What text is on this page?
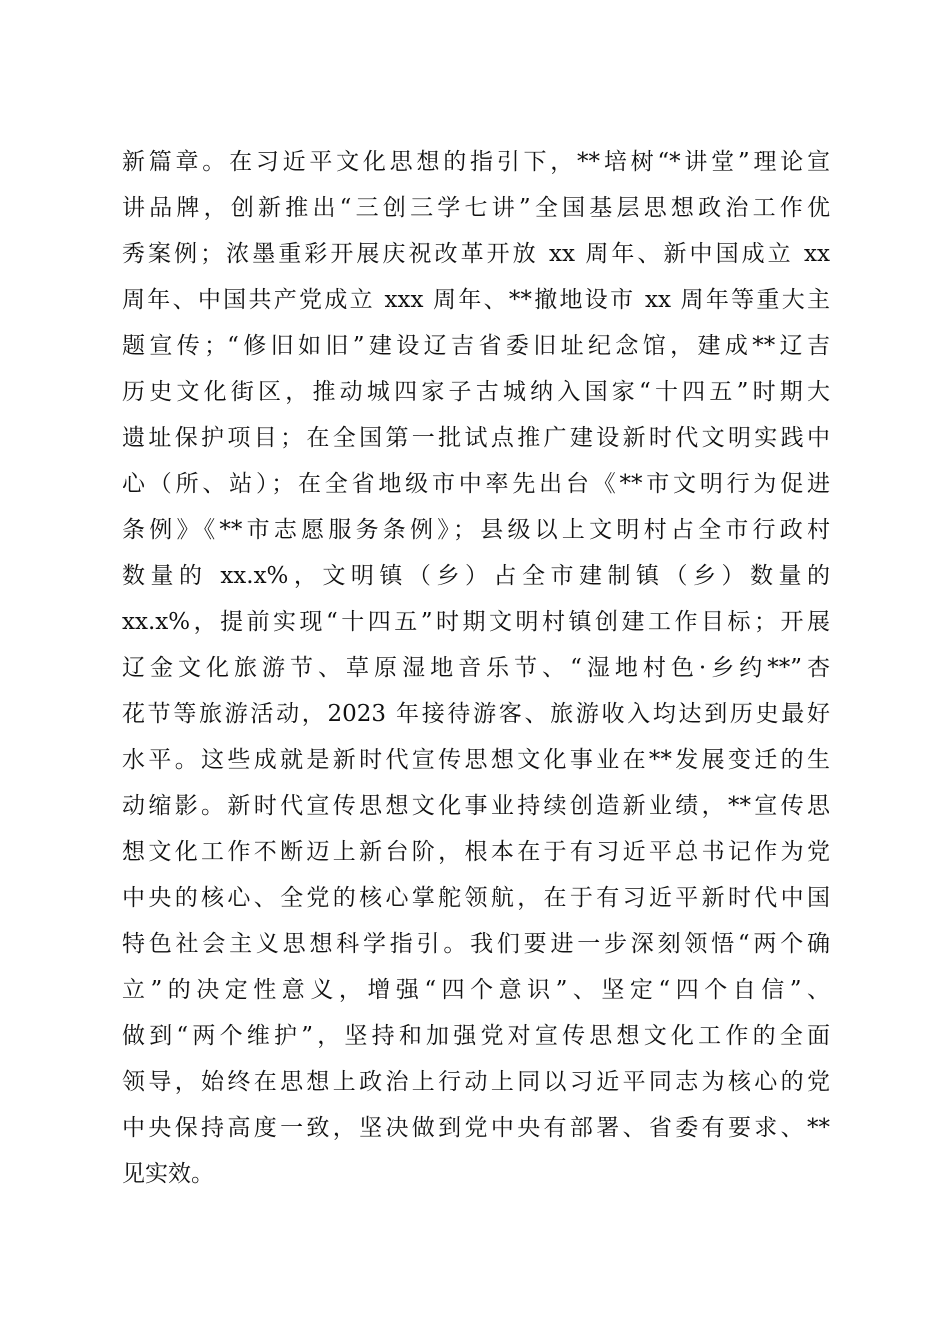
新篇章。在习近平文化思想的指引下，**培树“*讲堂”理论宣
讲品牌，创新推出“三创三学七讲”全国基层思想政治工作优
秀案例；浓墨重彩开展庆祝改革开放 xx 周年、新中国成立 xx
周年、中国共产党成立 xxx 周年、**撤地设市 xx 周年等重大主
题宣传；“修旧如旧”建设辽吉省委旧址纪念馆，建成**辽吉
历史文化街区，推动城四家子古城纳入国家“十四五”时期大
遗址保护项目；在全国第一批试点推广建设新时代文明实践中
心（所、站）；在全省地级市中率先出台《**市文明行为促进
条例》《**市志愿服务条例》；县级以上文明村占全市行政村
数量的 xx.x%，文明镇（乡）占全市建制镇（乡）数量的
xx.x%，提前实现“十四五”时期文明村镇创建工作目标；开展
辽金文化旅游节、草原湿地音乐节、“湿地村色·乡约**”杏
花节等旅游活动，2023 年接待游客、旅游收入均达到历史最好
水平。这些成就是新时代宣传思想文化事业在**发展变迁的生
动缩影。新时代宣传思想文化事业持续创造新业绩，**宣传思
想文化工作不断迈上新台阶，根本在于有习近平总书记作为党
中央的核心、全党的核心掌舵领航，在于有习近平新时代中国
特色社会主义思想科学指引。我们要进一步深刻领悟“两个确
立”的决定性意义，增强“四个意识”、坚定“四个自信”、
做到“两个维护”，坚持和加强党对宣传思想文化工作的全面
领导，始终在思想上政治上行动上同以习近平同志为核心的党
中央保持高度一致，坚决做到党中央有部署、省委有要求、**
见实效。
